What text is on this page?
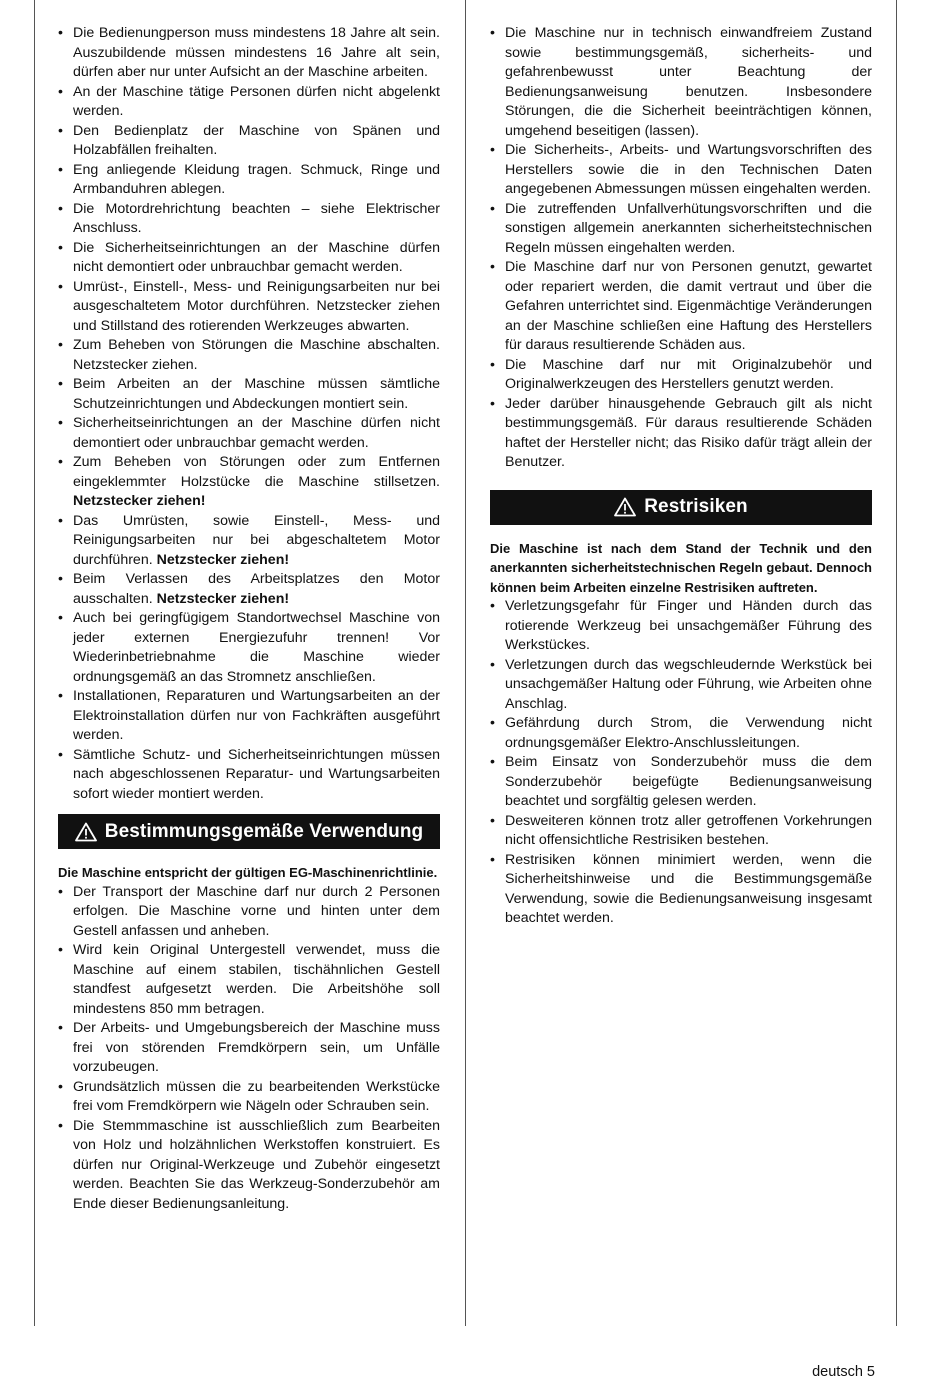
• Die Bedienungperson muss mindestens 18 Jahre alt sein. Auszubildende müssen mindestens 16 Jahre alt sein, dürfen aber nur unter Aufsicht an der Maschine arbeiten.
• An der Maschine tätige Personen dürfen nicht abgelenkt werden.
• Den Bedienplatz der Maschine von Spänen und Holzabfällen freihalten.
• Eng anliegende Kleidung tragen. Schmuck, Ringe und Armbanduhren ablegen.
• Die Motordrehrichtung beachten – siehe Elektrischer Anschluss.
• Die Sicherheitseinrichtungen an der Maschine dürfen nicht demontiert oder unbrauchbar gemacht werden.
• Umrüst-, Einstell-, Mess- und Reinigungsarbeiten nur bei ausgeschaltetem Motor durchführen. Netzstecker ziehen und Stillstand des rotierenden Werkzeuges abwarten.
• Zum Beheben von Störungen die Maschine abschalten. Netzstecker ziehen.
• Beim Arbeiten an der Maschine müssen sämtliche Schutzeinrichtungen und Abdeckungen montiert sein.
• Sicherheitseinrichtungen an der Maschine dürfen nicht demontiert oder unbrauchbar gemacht werden.
• Zum Beheben von Störungen oder zum Entfernen eingeklemmter Holzstücke die Maschine stillsetzen. Netzstecker ziehen!
• Das Umrüsten, sowie Einstell-, Mess- und Reinigungsarbeiten nur bei abgeschaltetem Motor durchführen. Netzstecker ziehen!
• Beim Verlassen des Arbeitsplatzes den Motor ausschalten. Netzstecker ziehen!
• Auch bei geringfügigem Standortwechsel Maschine von jeder externen Energiezufuhr trennen! Vor Wiederinbetriebnahme die Maschine wieder ordnungsgemäß an das Stromnetz anschließen.
• Installationen, Reparaturen und Wartungsarbeiten an der Elektroinstallation dürfen nur von Fachkräften ausgeführt werden.
• Sämtliche Schutz- und Sicherheitseinrichtungen müssen nach abgeschlossenen Reparatur- und Wartungsarbeiten sofort wieder montiert werden.
Bestimmungsgemäße Verwendung

Die Maschine entspricht der gültigen EG-Maschinenrichtlinie.

• Der Transport der Maschine darf nur durch 2 Personen erfolgen. Die Maschine vorne und hinten unter dem Gestell anfassen und anheben.
• Wird kein Original Untergestell verwendet, muss die Maschine auf einem stabilen, tischähnlichen Gestell standfest aufgesetzt werden. Die Arbeitshöhe soll mindestens 850 mm betragen.
• Der Arbeits- und Umgebungsbereich der Maschine muss frei von störenden Fremdkörpern sein, um Unfälle vorzubeugen.
• Grundsätzlich müssen die zu bearbeitenden Werkstücke frei vom Fremdkörpern wie Nägeln oder Schrauben sein.
• Die Stemmmaschine ist ausschließlich zum Bearbeiten von Holz und holzähnlichen Werkstoffen konstruiert. Es dürfen nur Original-Werkzeuge und Zubehör eingesetzt werden. Beachten Sie das Werkzeug-Sonderzubehör am Ende dieser Bedienungsanleitung.
• Die Maschine nur in technisch einwandfreiem Zustand sowie bestimmungsgemäß, sicherheits- und gefahrenbewusst unter Beachtung der Bedienungsanweisung benutzen. Insbesondere Störungen, die die Sicherheit beeinträchtigen können, umgehend beseitigen (lassen).
• Die Sicherheits-, Arbeits- und Wartungsvorschriften des Herstellers sowie die in den Technischen Daten angegebenen Abmessungen müssen eingehalten werden.
• Die zutreffenden Unfallverhütungsvorschriften und die sonstigen allgemein anerkannten sicherheitstechnischen Regeln müssen eingehalten werden.
• Die Maschine darf nur von Personen genutzt, gewartet oder repariert werden, die damit vertraut und über die Gefahren unterrichtet sind. Eigenmächtige Veränderungen an der Maschine schließen eine Haftung des Herstellers für daraus resultierende Schäden aus.
• Die Maschine darf nur mit Originalzubehör und Originalwerkzeugen des Herstellers genutzt werden.
• Jeder darüber hinausgehende Gebrauch gilt als nicht bestimmungsgemäß. Für daraus resultierende Schäden haftet der Hersteller nicht; das Risiko dafür trägt allein der Benutzer.
Restrisiken

Die Maschine ist nach dem Stand der Technik und den anerkannten sicherheitstechnischen Regeln gebaut. Dennoch können beim Arbeiten einzelne Restrisiken auftreten.

• Verletzungsgefahr für Finger und Händen durch das rotierende Werkzeug bei unsachgemäßer Führung des Werkstückes.
• Verletzungen durch das wegschleudernde Werkstück bei unsachgemäßer Haltung oder Führung, wie Arbeiten ohne Anschlag.
• Gefährdung durch Strom, die Verwendung nicht ordnungsgemäßer Elektro-Anschlussleitungen.
• Beim Einsatz von Sonderzubehör muss die dem Sonderzubehör beigefügte Bedienungsanweisung beachtet und sorgfältig gelesen werden.
• Desweiteren können trotz aller getroffenen Vorkehrungen nicht offensichtliche Restrisiken bestehen.
• Restrisiken können minimiert werden, wenn die Sicherheitshinweise und die Bestimmungsgemäße Verwendung, sowie die Bedienungsanweisung insgesamt beachtet werden.
deutsch 5
